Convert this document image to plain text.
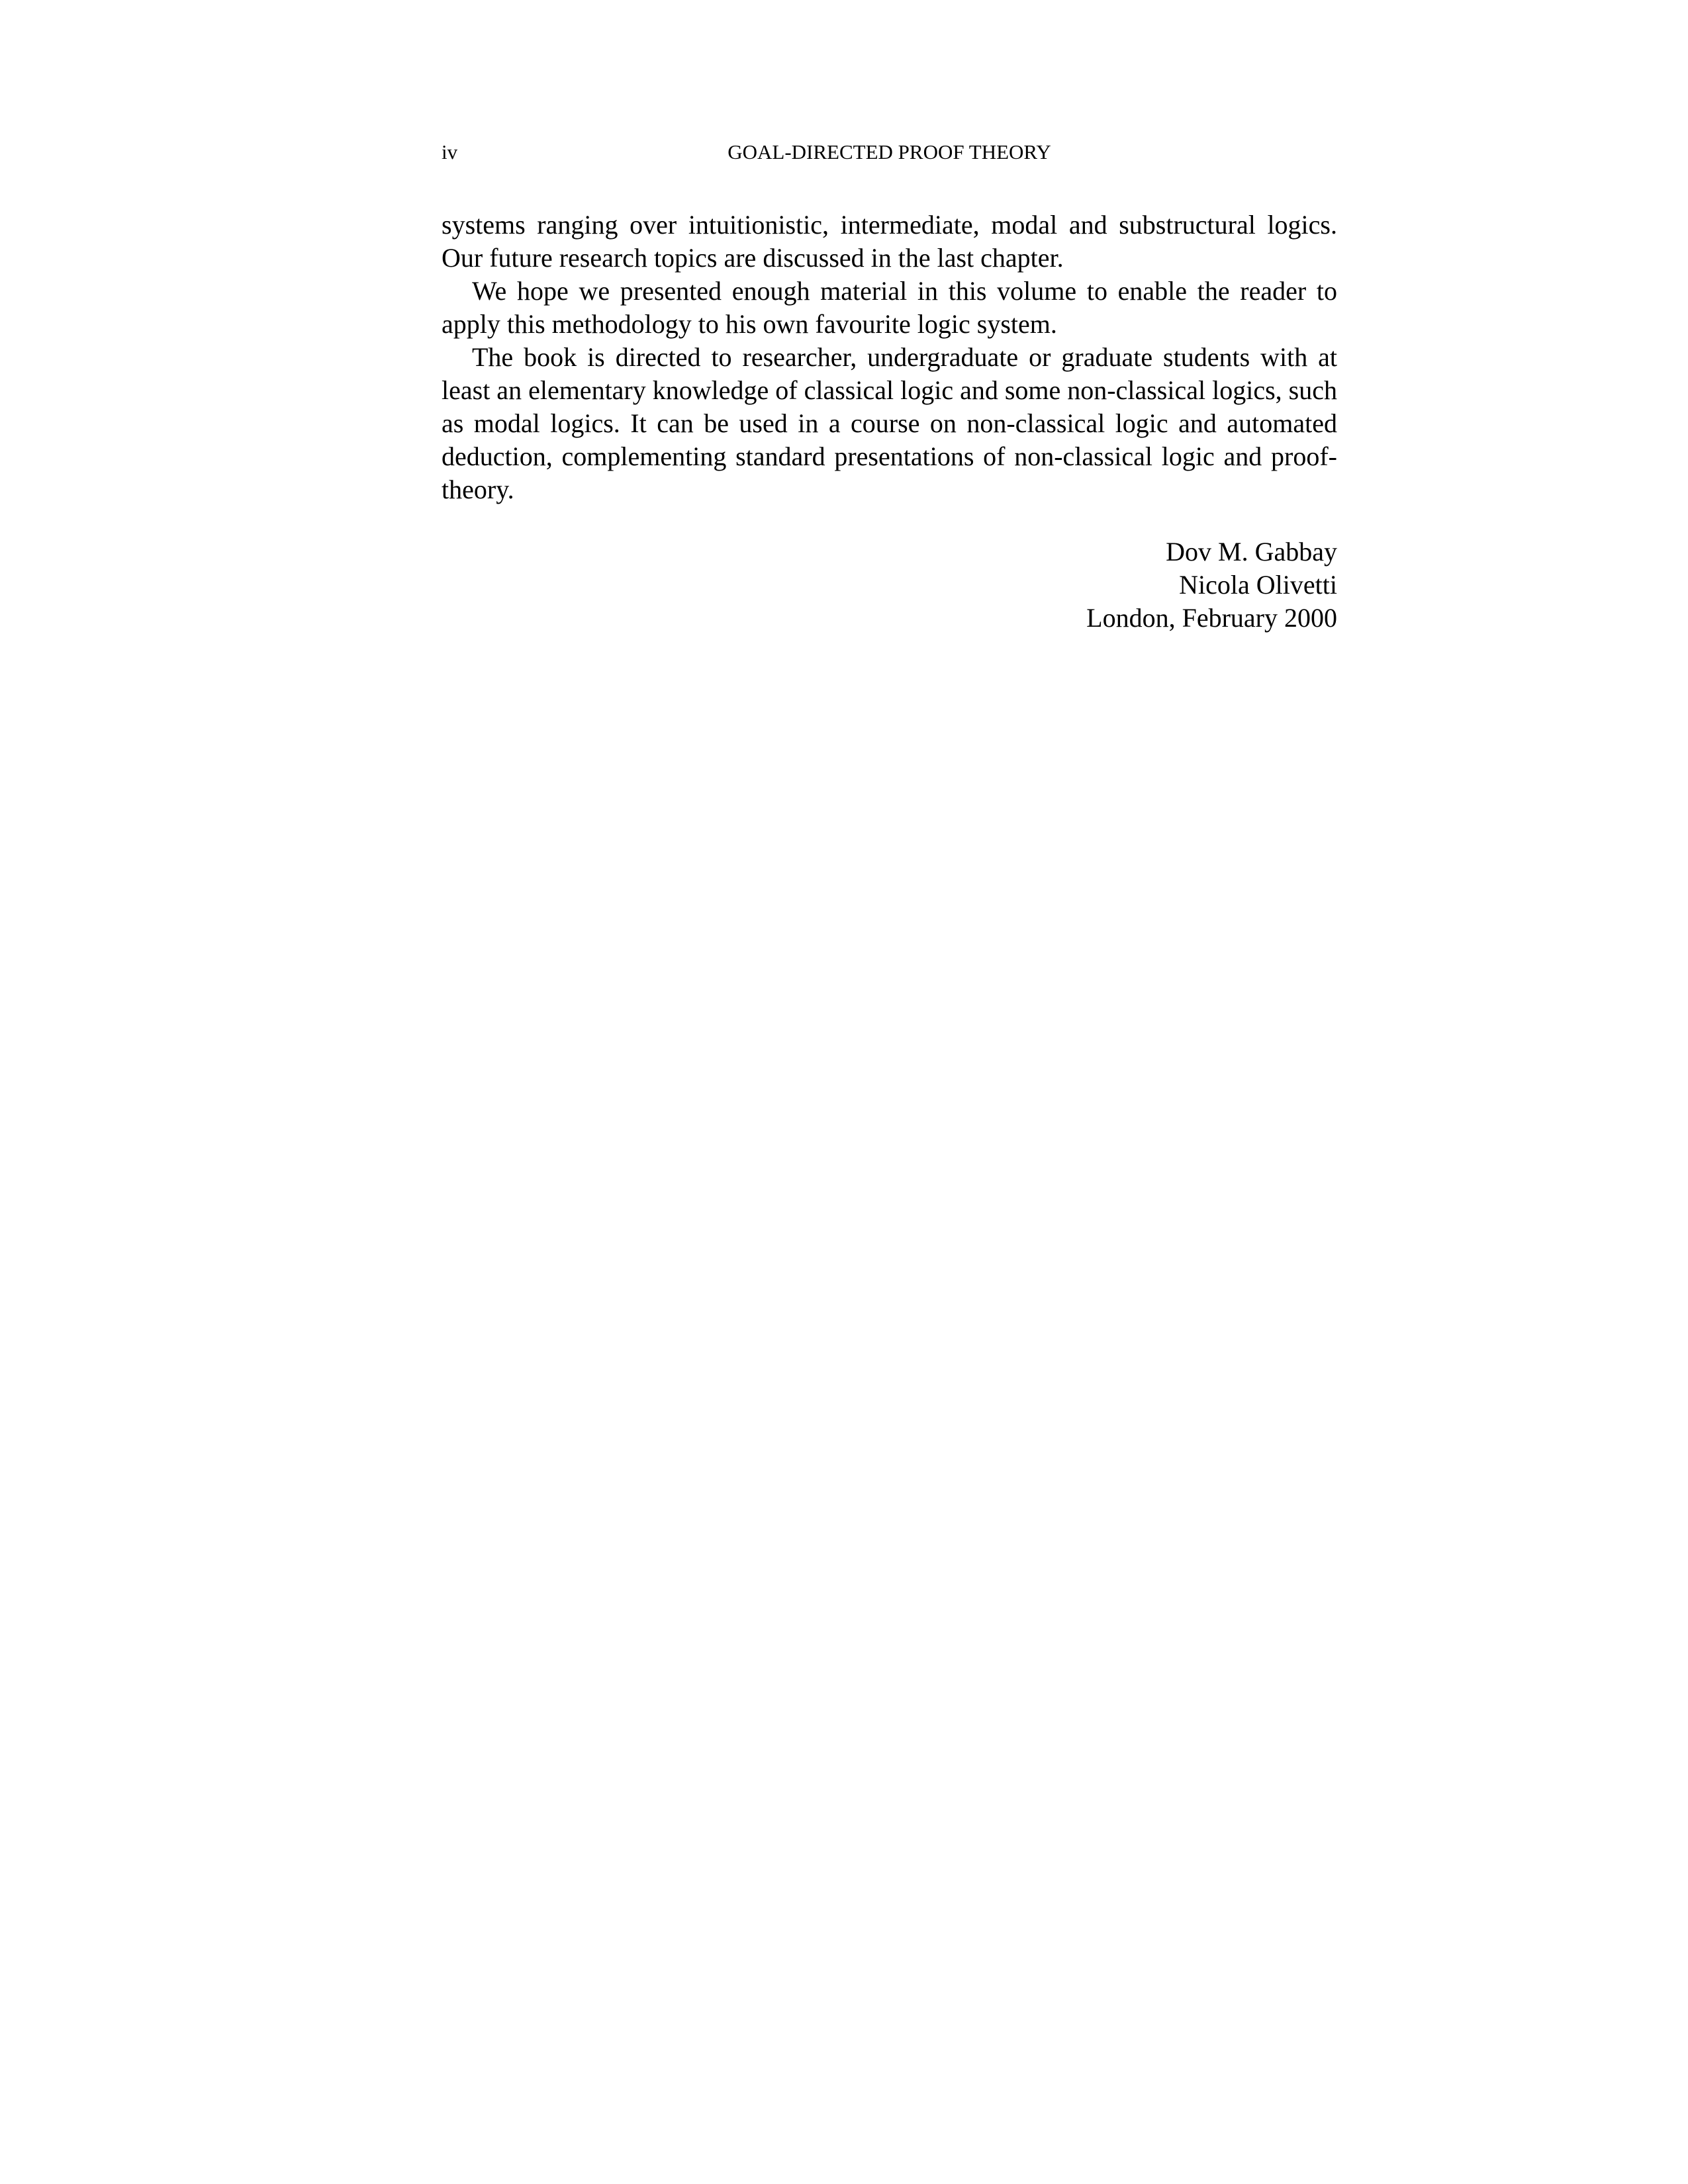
iv	GOAL-DIRECTED PROOF THEORY

systems ranging over intuitionistic, intermediate, modal and substructural logics. Our future research topics are discussed in the last chapter.

We hope we presented enough material in this volume to enable the reader to apply this methodology to his own favourite logic system.

The book is directed to researcher, undergraduate or graduate students with at least an elementary knowledge of classical logic and some non-classical logics, such as modal logics. It can be used in a course on non-classical logic and automated deduction, complementing standard presentations of non-classical logic and proof-theory.

Dov M. Gabbay
Nicola Olivetti
London, February 2000
